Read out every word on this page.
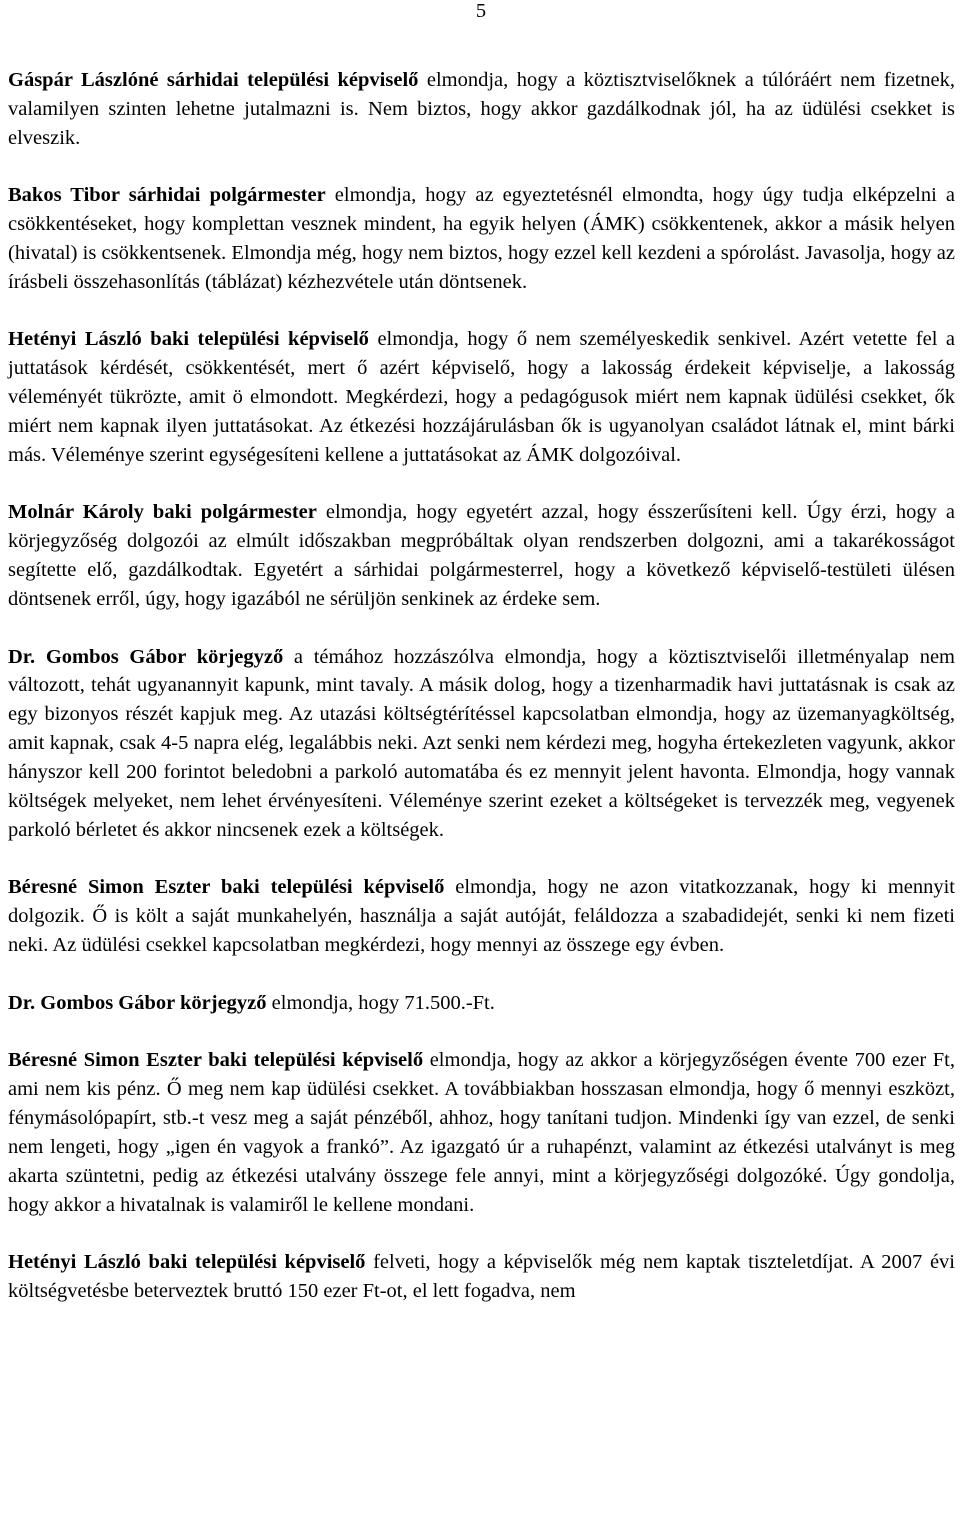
5

Gáspár Lászlóné sárhidai települési képviselő elmondja, hogy a köztisztviselőknek a túlóráért nem fizetnek, valamilyen szinten lehetne jutalmazni is. Nem biztos, hogy akkor gazdálkodnak jól, ha az üdülési csekket is elveszik.

Bakos Tibor sárhidai polgármester elmondja, hogy az egyeztetésnél elmondta, hogy úgy tudja elképzelni a csökkentéseket, hogy komplettan vesznek mindent, ha egyik helyen (ÁMK) csökkentenek, akkor a másik helyen (hivatal) is csökkentsenek. Elmondja még, hogy nem biztos, hogy ezzel kell kezdeni a spórolást. Javasolja, hogy az írásbeli összehasonlítás (táblázat) kézhezvétele után döntsenek.

Hetényi László baki települési képviselő elmondja, hogy ő nem személyeskedik senkivel. Azért vetette fel a juttatások kérdését, csökkentését, mert ő azért képviselő, hogy a lakosság érdekeit képviselje, a lakosság véleményét tükrözte, amit ö elmondott. Megkérdezi, hogy a pedagógusok miért nem kapnak üdülési csekket, ők miért nem kapnak ilyen juttatásokat. Az étkezési hozzájárulásban ők is ugyanolyan családot látnak el, mint bárki más. Véleménye szerint egységesíteni kellene a juttatásokat az ÁMK dolgozóival.

Molnár Károly baki polgármester elmondja, hogy egyetért azzal, hogy ésszerűsíteni kell. Úgy érzi, hogy a körjegyzőség dolgozói az elmúlt időszakban megpróbáltak olyan rendszerben dolgozni, ami a takarékosságot segítette elő, gazdálkodtak. Egyetért a sárhidai polgármesterrel, hogy a következő képviselő-testületi ülésen döntsenek erről, úgy, hogy igazából ne sérüljön senkinek az érdeke sem.

Dr. Gombos Gábor körjegyző a témához hozzászólva elmondja, hogy a köztisztviselői illetményalap nem változott, tehát ugyanannyit kapunk, mint tavaly. A másik dolog, hogy a tizenharmadik havi juttatásnak is csak az egy bizonyos részét kapjuk meg. Az utazási költségtérítéssel kapcsolatban elmondja, hogy az üzemanyagköltség, amit kapnak, csak 4-5 napra elég, legalábbis neki. Azt senki nem kérdezi meg, hogyha értekezleten vagyunk, akkor hányszor kell 200 forintot beledobni a parkoló automatába és ez mennyit jelent havonta. Elmondja, hogy vannak költségek melyeket, nem lehet érvényesíteni. Véleménye szerint ezeket a költségeket is tervezzék meg, vegyenek parkoló bérletet és akkor nincsenek ezek a költségek.

Béresné Simon Eszter baki települési képviselő elmondja, hogy ne azon vitatkozzanak, hogy ki mennyit dolgozik. Ő is költ a saját munkahelyén, használja a saját autóját, feláldozza a szabadidejét, senki ki nem fizeti neki. Az üdülési csekkel kapcsolatban megkérdezi, hogy mennyi az összege egy évben.

Dr. Gombos Gábor körjegyző elmondja, hogy 71.500.-Ft.

Béresné Simon Eszter baki települési képviselő elmondja, hogy az akkor a körjegyzőségen évente 700 ezer Ft, ami nem kis pénz. Ő meg nem kap üdülési csekket. A továbbiakban hosszasan elmondja, hogy ő mennyi eszközt, fénymásolópapírt, stb.-t vesz meg a saját pénzéből, ahhoz, hogy tanítani tudjon. Mindenki így van ezzel, de senki nem lengeti, hogy „igen én vagyok a frankó”. Az igazgató úr a ruhapénzt, valamint az étkezési utalványt is meg akarta szüntetni, pedig az étkezési utalvány összege fele annyi, mint a körjegyzőségi dolgozóké. Úgy gondolja, hogy akkor a hivatalnak is valamiről le kellene mondani.

Hetényi László baki települési képviselő felveti, hogy a képviselők még nem kaptak tiszteletdíjat. A 2007 évi költségvetésbe beterveztek bruttó 150 ezer Ft-ot, el lett fogadva, nem
